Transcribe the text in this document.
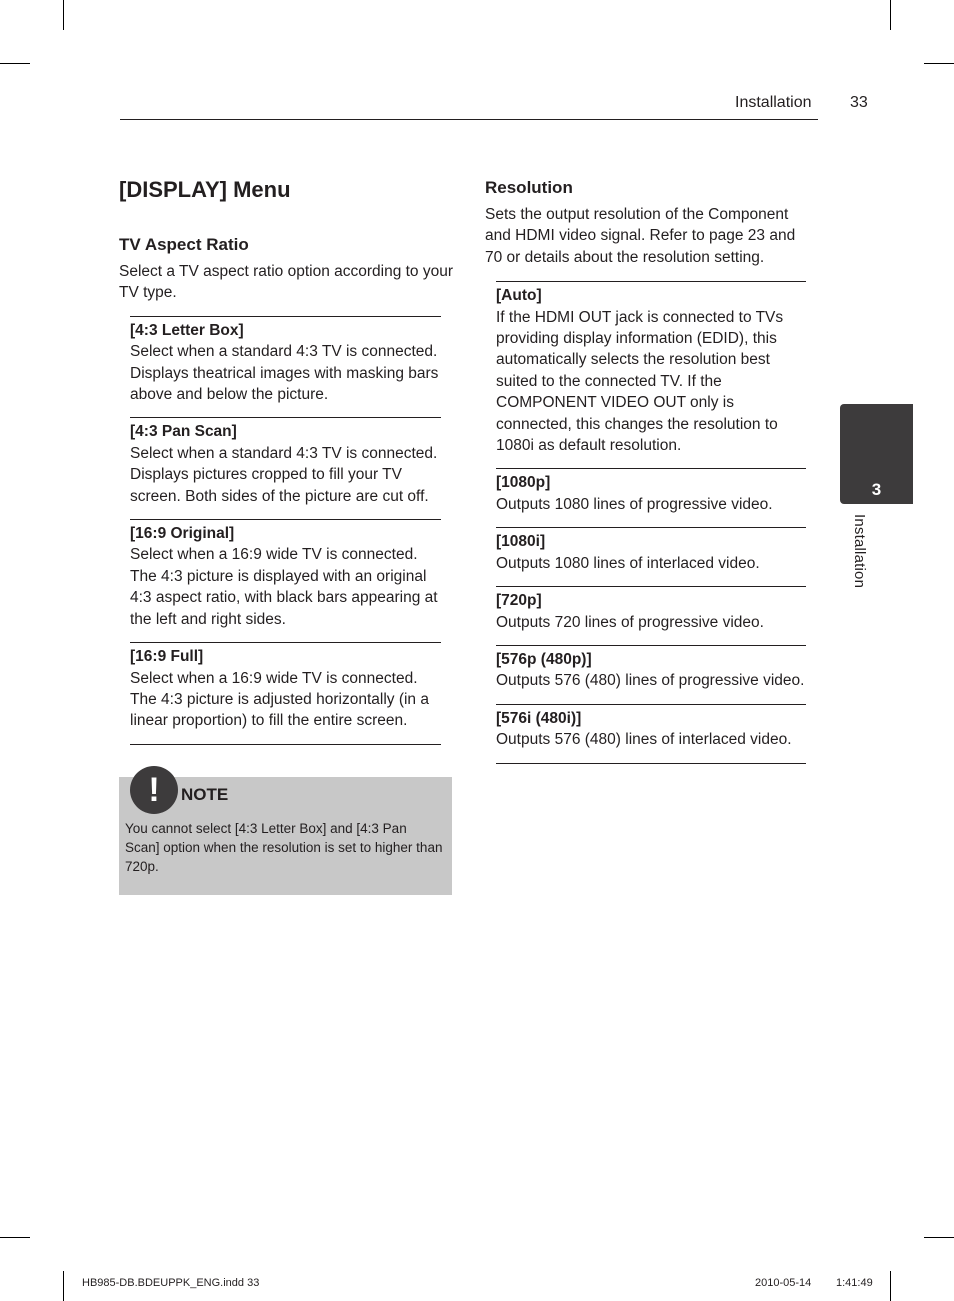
Installation 33
3
Installation
[DISPLAY] Menu
TV Aspect Ratio
Select a TV aspect ratio option according to your TV type.
[4:3 Letter Box]
Select when a standard 4:3 TV is connected. Displays theatrical images with masking bars above and below the picture.
[4:3 Pan Scan]
Select when a standard 4:3 TV is connected. Displays pictures cropped to fill your TV screen. Both sides of the picture are cut off.
[16:9 Original]
Select when a 16:9 wide TV is connected. The 4:3 picture is displayed with an original 4:3 aspect ratio, with black bars appearing at the left and right sides.
[16:9 Full]
Select when a 16:9 wide TV is connected. The 4:3 picture is adjusted horizontally (in a linear proportion) to fill the entire screen.
!	NOTE
You cannot select [4:3 Letter Box] and [4:3 Pan Scan] option when the resolution is set to higher than 720p.
Resolution
Sets the output resolution of the Component and HDMI video signal. Refer to page 23 and 70 or details about the resolution setting.
[Auto]
If the HDMI OUT jack is connected to TVs providing display information (EDID), this automatically selects the resolution best suited to the connected TV. If the COMPONENT VIDEO OUT only is connected, this changes the resolution to 1080i as default resolution.
[1080p]
Outputs 1080 lines of progressive video.
[1080i]
Outputs 1080 lines of interlaced video.
[720p]
Outputs 720 lines of progressive video.
[576p (480p)]
Outputs 576 (480) lines of progressive video.
[576i (480i)]
Outputs 576 (480) lines of interlaced video.
HB985-DB.BDEUPPK_ENG.indd 33	2010-05-14 1:41:49
